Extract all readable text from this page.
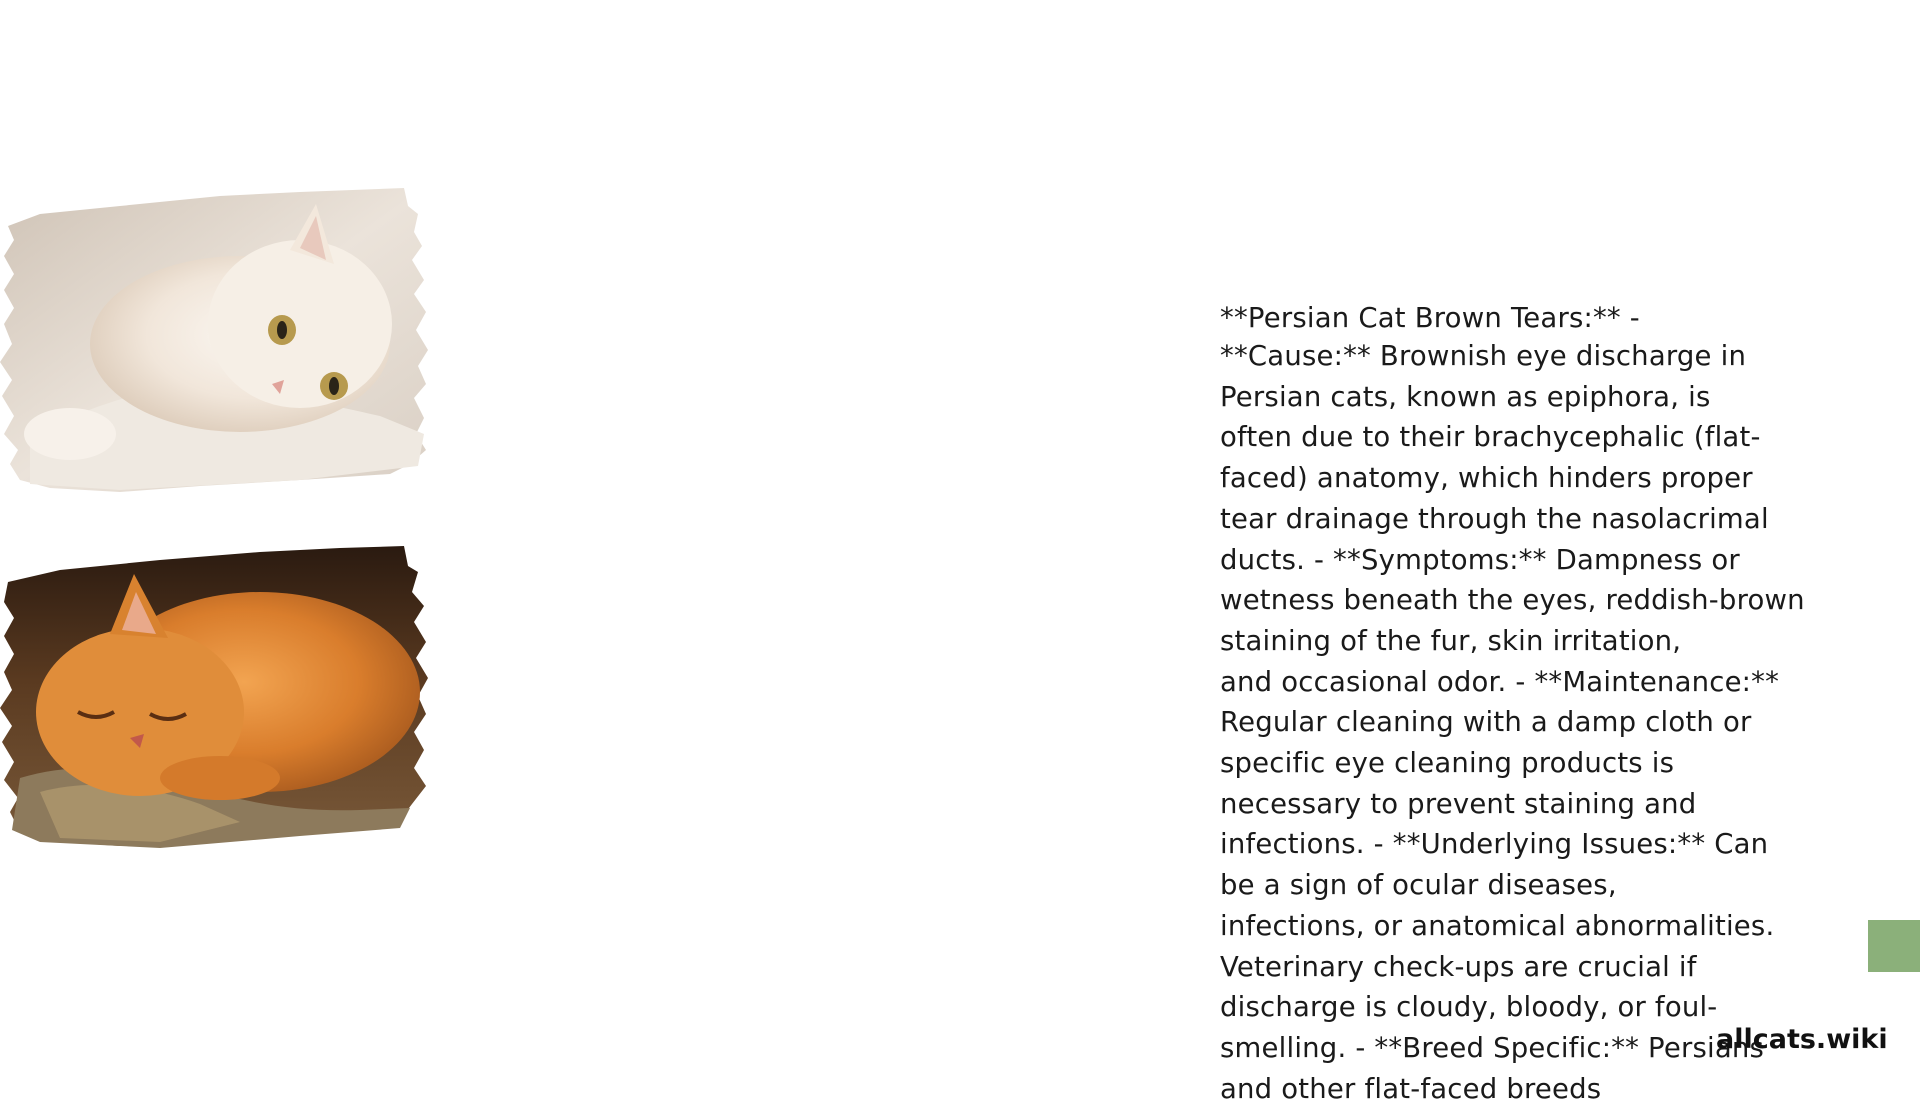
**Persian Cat Brown Tears:** -
**Cause:** Brownish eye discharge in
Persian cats, known as epiphora, is
often due to their brachycephalic (flat-
faced) anatomy, which hinders proper
tear drainage through the nasolacrimal
ducts. - **Symptoms:** Dampness or
wetness beneath the eyes, reddish-brown
staining of the fur, skin irritation,
and occasional odor. - **Maintenance:**
Regular cleaning with a damp cloth or
specific eye cleaning products is
necessary to prevent staining and
infections. - **Underlying Issues:** Can
be a sign of ocular diseases,
infections, or anatomical abnormalities.
Veterinary check-ups are crucial if
discharge is cloudy, bloody, or foul-
smelling. - **Breed Specific:** Persians
and other flat-faced breeds
allcats.wiki
